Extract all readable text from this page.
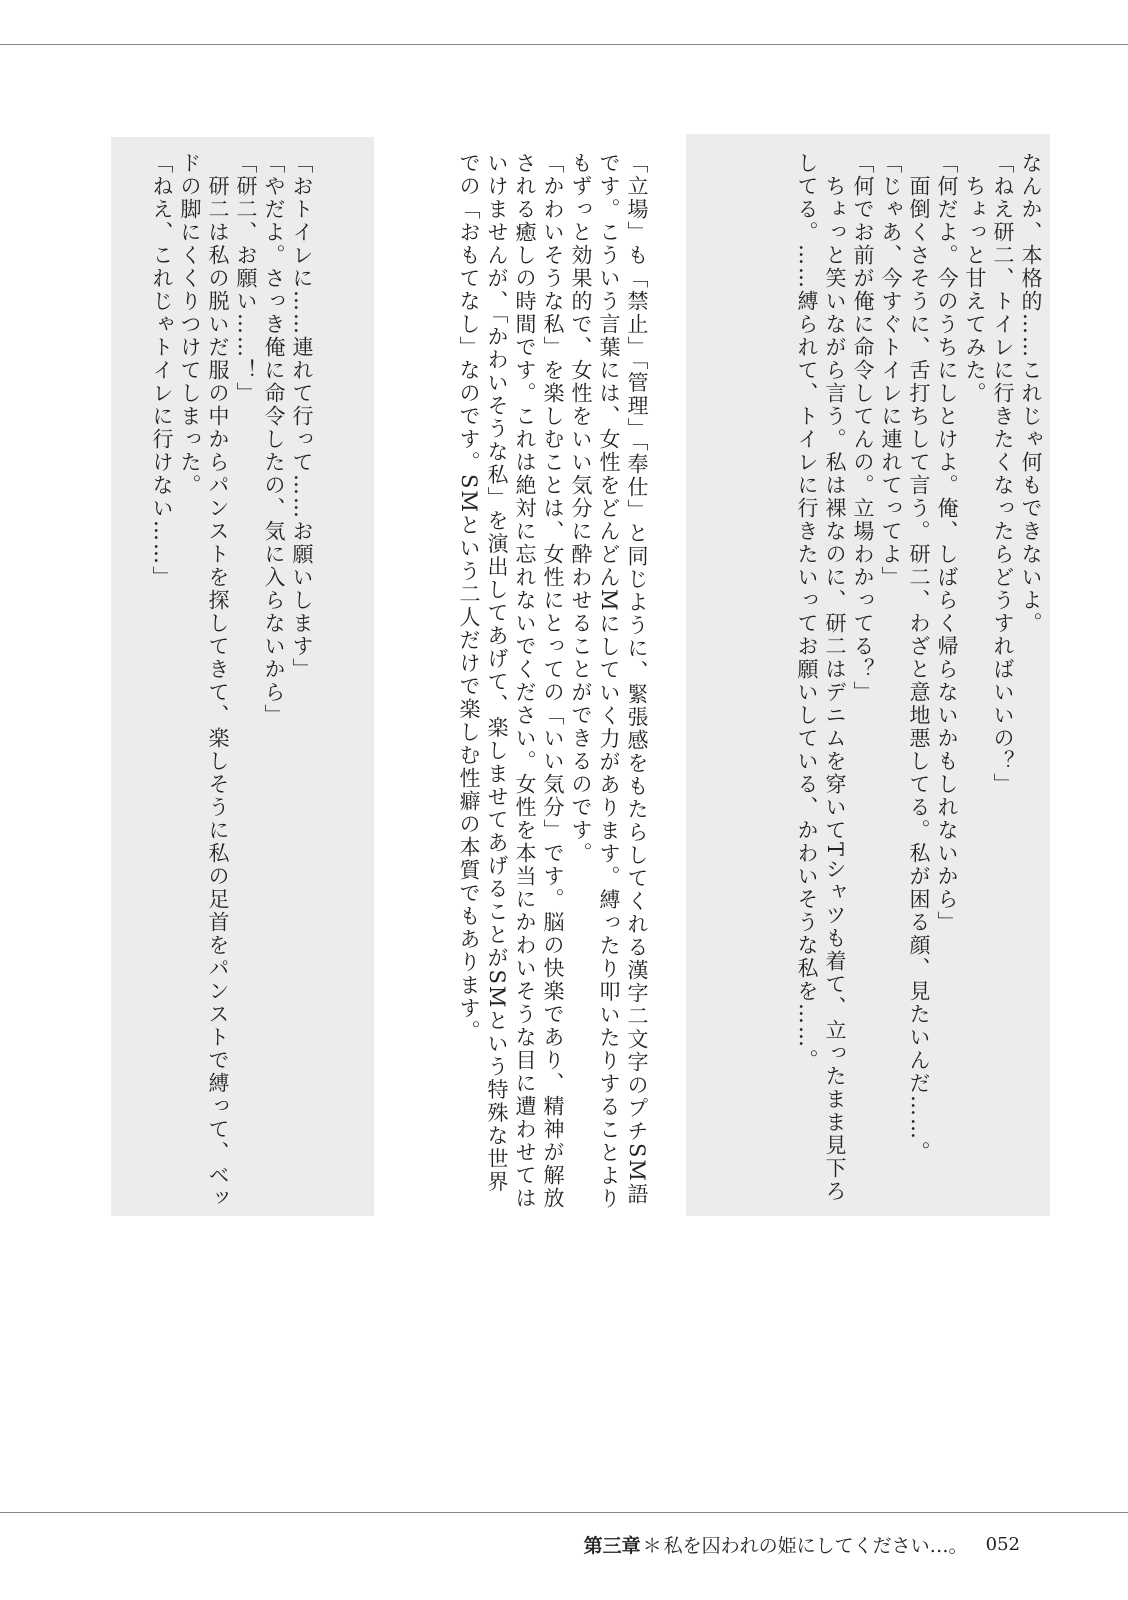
なんか、本格的……これじゃ何もできないよ。

「ねえ研二、トイレに行きたくなったらどうすればいいの？」

　ちょっと甘えてみた。

「何だよ。今のうちにしとけよ。俺、しばらく帰らないかもしれないから」

　面倒くさそうに、舌打ちして言う。研二、わざと意地悪してる。私が困る顔、見たいんだ……。

「じゃあ、今すぐトイレに連れてってよ」

「何でお前が俺に命令してんの。立場わかってる？」

　ちょっと笑いながら言う。私は裸なのに、研二はデニムを穿いてTシャツも着て、立ったまま見下ろしてる。……縛られて、トイレに行きたいってお願いしている、かわいそうな私を……。

「立場」も「禁止」「管理」「奉仕」と同じように、緊張感をもたらしてくれる漢字二文字のプチSM語です。こういう言葉には、女性をどんどんMにしていく力があります。縛ったり叩いたりすることよりもずっと効果的で、女性をいい気分に酔わせることができるのです。

「かわいそうな私」を楽しむことは、女性にとっての「いい気分」です。脳の快楽であり、精神が解放される癒しの時間です。これは絶対に忘れないでください。女性を本当にかわいそうな目に遭わせてはいけませんが、「かわいそうな私」を演出してあげて、楽しませてあげることがSMという特殊な世界での「おもてなし」なのです。SMという二人だけで楽しむ性癖の本質でもあります。

「おトイレに……連れて行って……お願いします」

「やだよ。さっき俺に命令したの、気に入らないから」

「研二、お願い……！」

　研二は私の脱いだ服の中からパンストを探してきて、楽しそうに私の足首をパンストで縛って、ベッドの脚にくくりつけてしまった。

「ねえ、これじゃトイレに行けない……」

第三章 ＊ 私を囚われの姫にしてください…。 052
